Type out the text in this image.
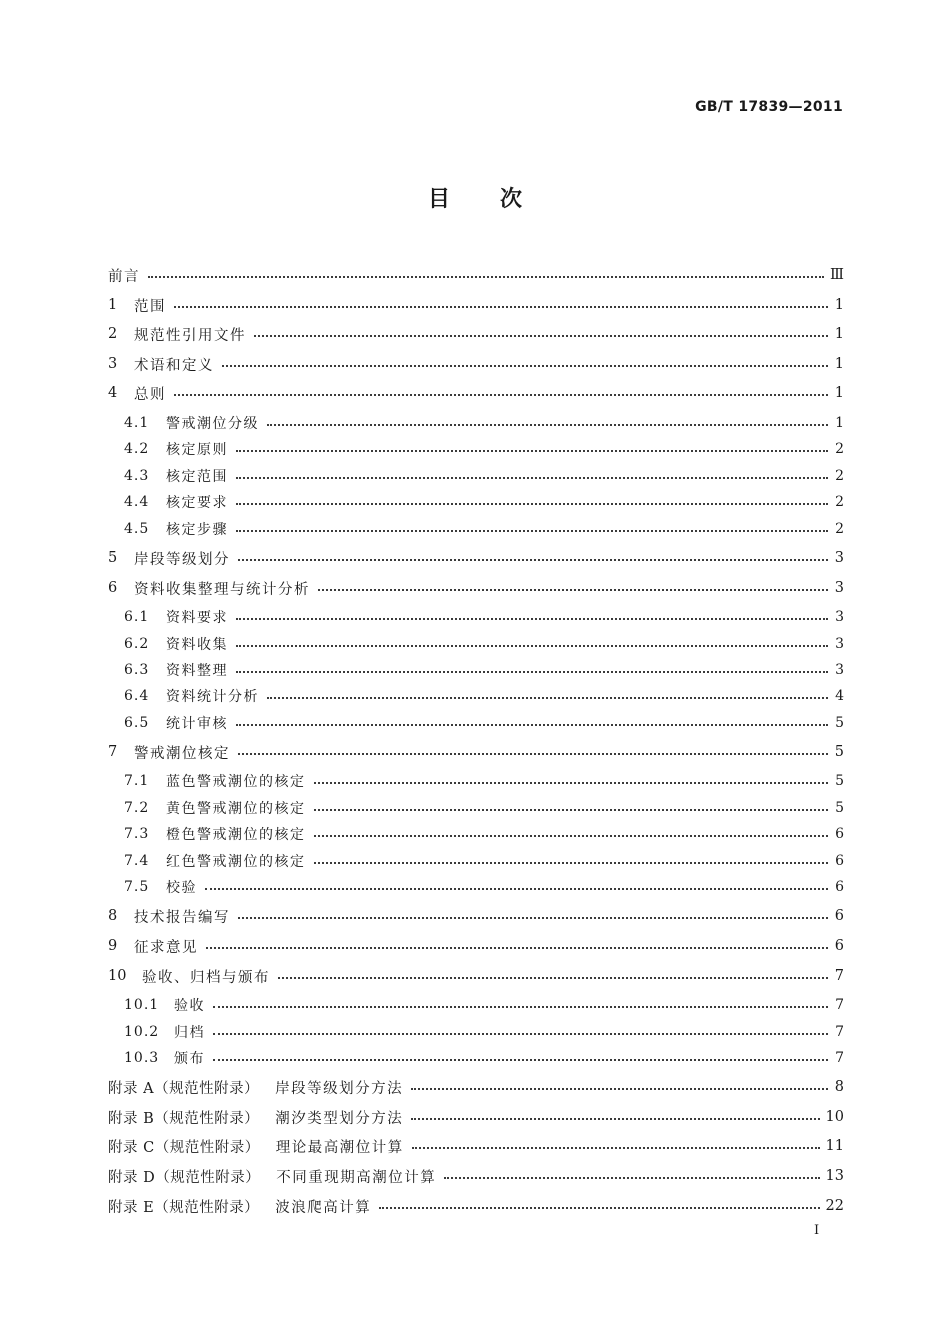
GB/T 17839—2011
目 次
前言	Ⅲ
1	范围	1
2	规范性引用文件	1
3	术语和定义	1
4	总则	1
4.1	警戒潮位分级	1
4.2	核定原则	2
4.3	核定范围	2
4.4	核定要求	2
4.5	核定步骤	2
5	岸段等级划分	3
6	资料收集整理与统计分析	3
6.1	资料要求	3
6.2	资料收集	3
6.3	资料整理	3
6.4	资料统计分析	4
6.5	统计审核	5
7	警戒潮位核定	5
7.1	蓝色警戒潮位的核定	5
7.2	黄色警戒潮位的核定	5
7.3	橙色警戒潮位的核定	6
7.4	红色警戒潮位的核定	6
7.5	校验	6
8	技术报告编写	6
9	征求意见	6
10	验收、归档与颁布	7
10.1	验收	7
10.2	归档	7
10.3	颁布	7
附录 A（规范性附录） 岸段等级划分方法	8
附录 B（规范性附录） 潮汐类型划分方法	10
附录 C（规范性附录） 理论最高潮位计算	11
附录 D（规范性附录） 不同重现期高潮位计算	13
附录 E（规范性附录） 波浪爬高计算	22
I
